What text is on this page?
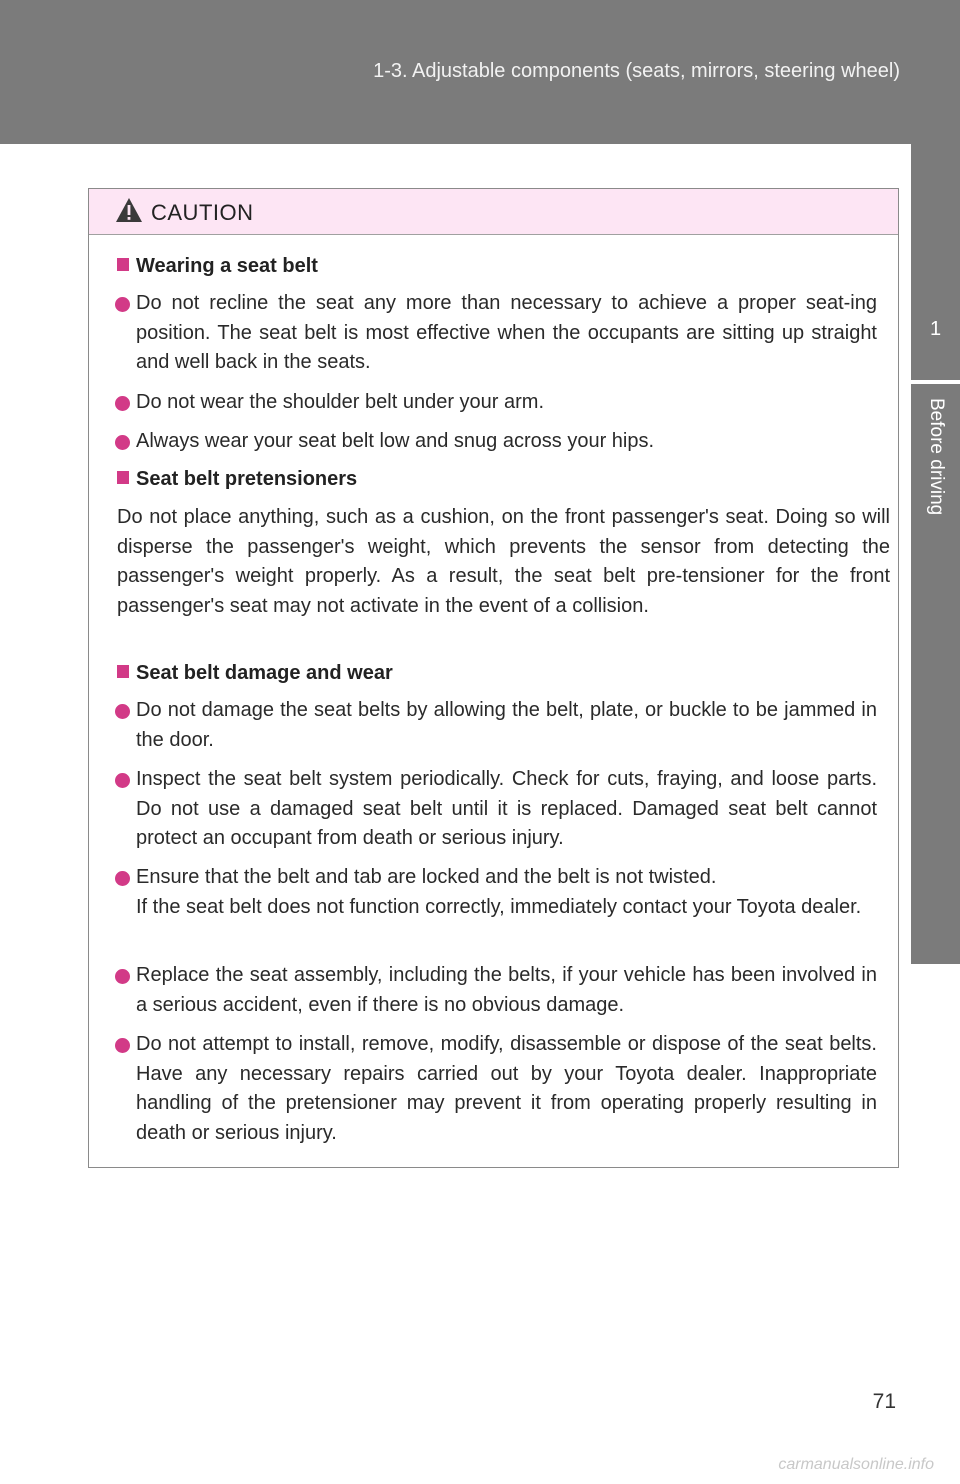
1-3. Adjustable components (seats, mirrors, steering wheel)
1
Before driving
CAUTION
Wearing a seat belt
Do not recline the seat any more than necessary to achieve a proper seat-ing position. The seat belt is most effective when the occupants are sitting up straight and well back in the seats.
Do not wear the shoulder belt under your arm.
Always wear your seat belt low and snug across your hips.
Seat belt pretensioners
Do not place anything, such as a cushion, on the front passenger's seat. Doing so will disperse the passenger's weight, which prevents the sensor from detecting the passenger's weight properly. As a result, the seat belt pre-tensioner for the front passenger's seat may not activate in the event of a collision.
Seat belt damage and wear
Do not damage the seat belts by allowing the belt, plate, or buckle to be jammed in the door.
Inspect the seat belt system periodically. Check for cuts, fraying, and loose parts. Do not use a damaged seat belt until it is replaced. Damaged seat belt cannot protect an occupant from death or serious injury.
Ensure that the belt and tab are locked and the belt is not twisted.
If the seat belt does not function correctly, immediately contact your Toyota dealer.
Replace the seat assembly, including the belts, if your vehicle has been involved in a serious accident, even if there is no obvious damage.
Do not attempt to install, remove, modify, disassemble or dispose of the seat belts. Have any necessary repairs carried out by your Toyota dealer. Inappropriate handling of the pretensioner may prevent it from operating properly resulting in death or serious injury.
71
carmanualsonline.info
